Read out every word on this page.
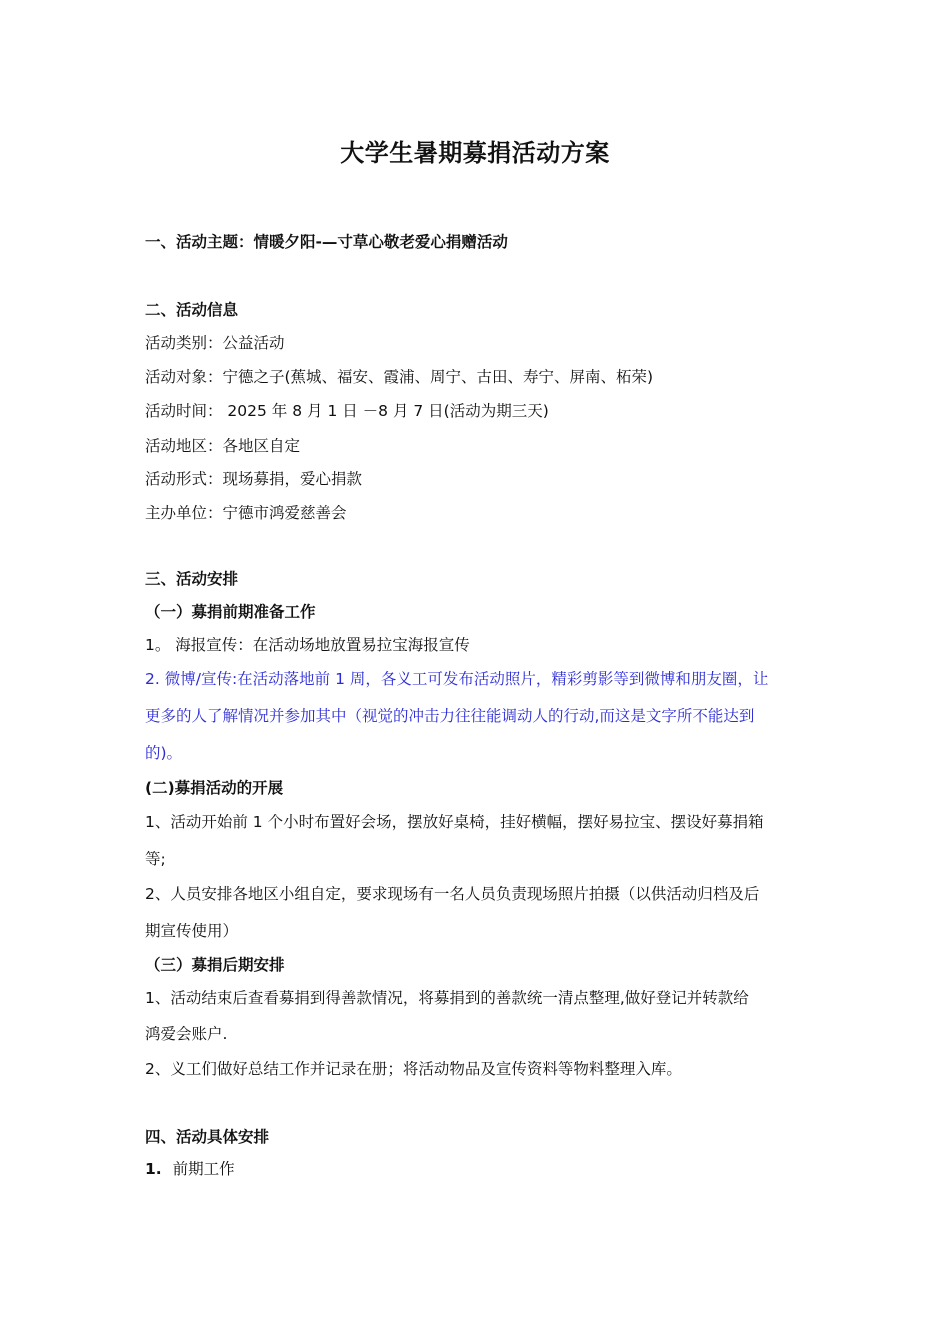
大学生暑期募捐活动方案
一、活动主题：情暖夕阳-—寸草心敬老爱心捐赠活动
二、活动信息
活动类别：公益活动
活动对象：宁德之子(蕉城、福安、霞浦、周宁、古田、寿宁、屏南、柘荣)
活动时间： 2025 年 8 月 1 日 －8 月 7 日(活动为期三天)
活动地区：各地区自定
活动形式：现场募捐，爱心捐款
主办单位：宁德市鸿爱慈善会
三、活动安排
（一）募捐前期准备工作
1。 海报宣传：在活动场地放置易拉宝海报宣传
2. 微博/宣传:在活动落地前 1 周，各义工可发布活动照片，精彩剪影等到微博和朋友圈，让
更多的人了解情况并参加其中（视觉的冲击力往往能调动人的行动,而这是文字所不能达到
的)。
(二)募捐活动的开展
1、活动开始前 1 个小时布置好会场，摆放好桌椅，挂好横幅，摆好易拉宝、摆设好募捐箱
等;
2、人员安排各地区小组自定，要求现场有一名人员负责现场照片拍摄（以供活动归档及后
期宣传使用）
（三）募捐后期安排
1、活动结束后查看募捐到得善款情况，将募捐到的善款统一清点整理,做好登记并转款给
鸿爱会账户.
2、义工们做好总结工作并记录在册；将活动物品及宣传资料等物料整理入库。
四、活动具体安排
1. 前期工作
